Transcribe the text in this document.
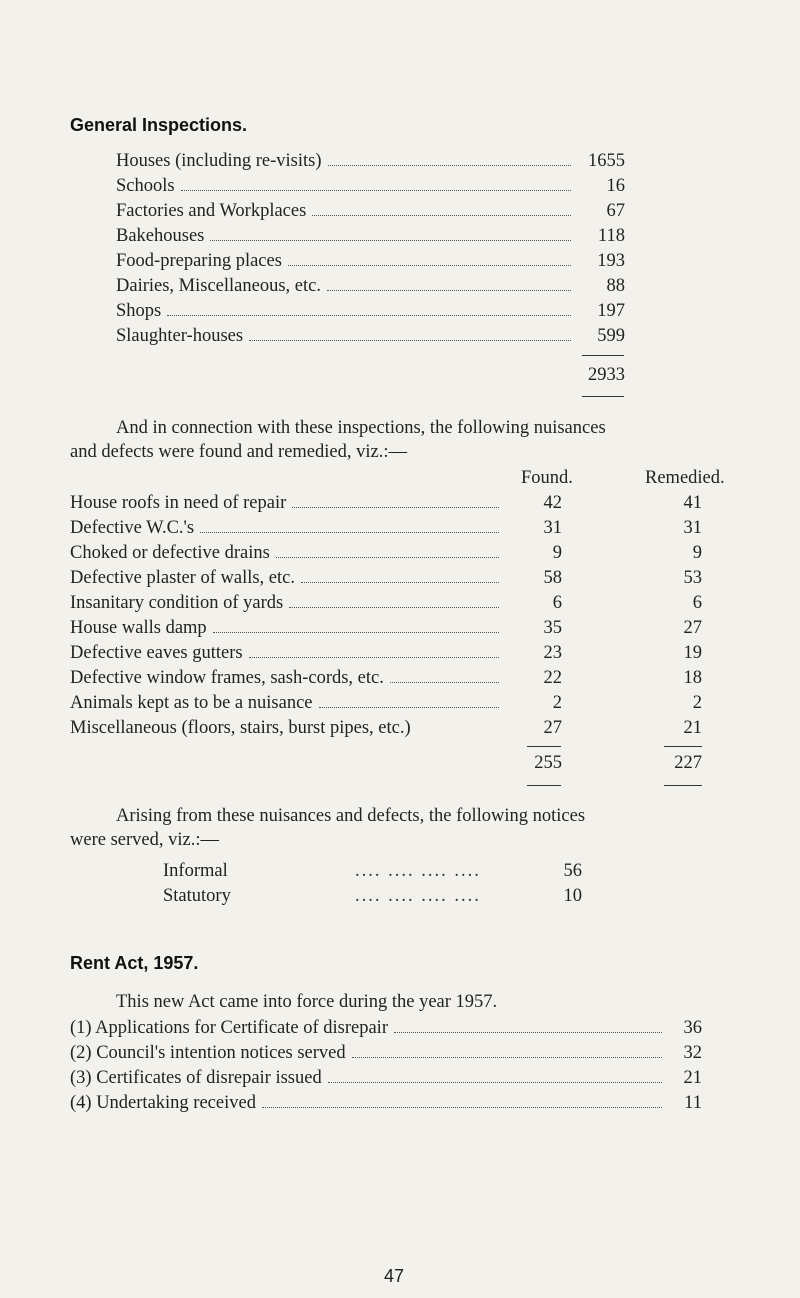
General Inspections.
Houses (including re-visits)	1655
Schools	16
Factories and Workplaces	67
Bakehouses	118
Food-preparing places	193
Dairies, Miscellaneous, etc.	88
Shops	197
Slaughter-houses	599
2933
And in connection with these inspections, the following nuisances
and defects were found and remedied, viz.:—
Found.	Remedied.
House roofs in need of repair	42	41
Defective W.C.'s	31	31
Choked or defective drains	9	9
Defective plaster of walls, etc.	58	53
Insanitary condition of yards	6	6
House walls damp	35	27
Defective eaves gutters	23	19
Defective window frames, sash-cords, etc.	22	18
Animals kept as to be a nuisance	2	2
Miscellaneous (floors, stairs, burst pipes, etc.)	27	21
255	227
Arising from these nuisances and defects, the following notices
were served, viz.:—
Informal	.... .... .... ....	56
Statutory	.... .... .... ....	10
Rent Act, 1957.
This new Act came into force during the year 1957.
(1) Applications for Certificate of disrepair	36
(2) Council's intention notices served	32
(3) Certificates of disrepair issued	21
(4) Undertaking received	11
47
